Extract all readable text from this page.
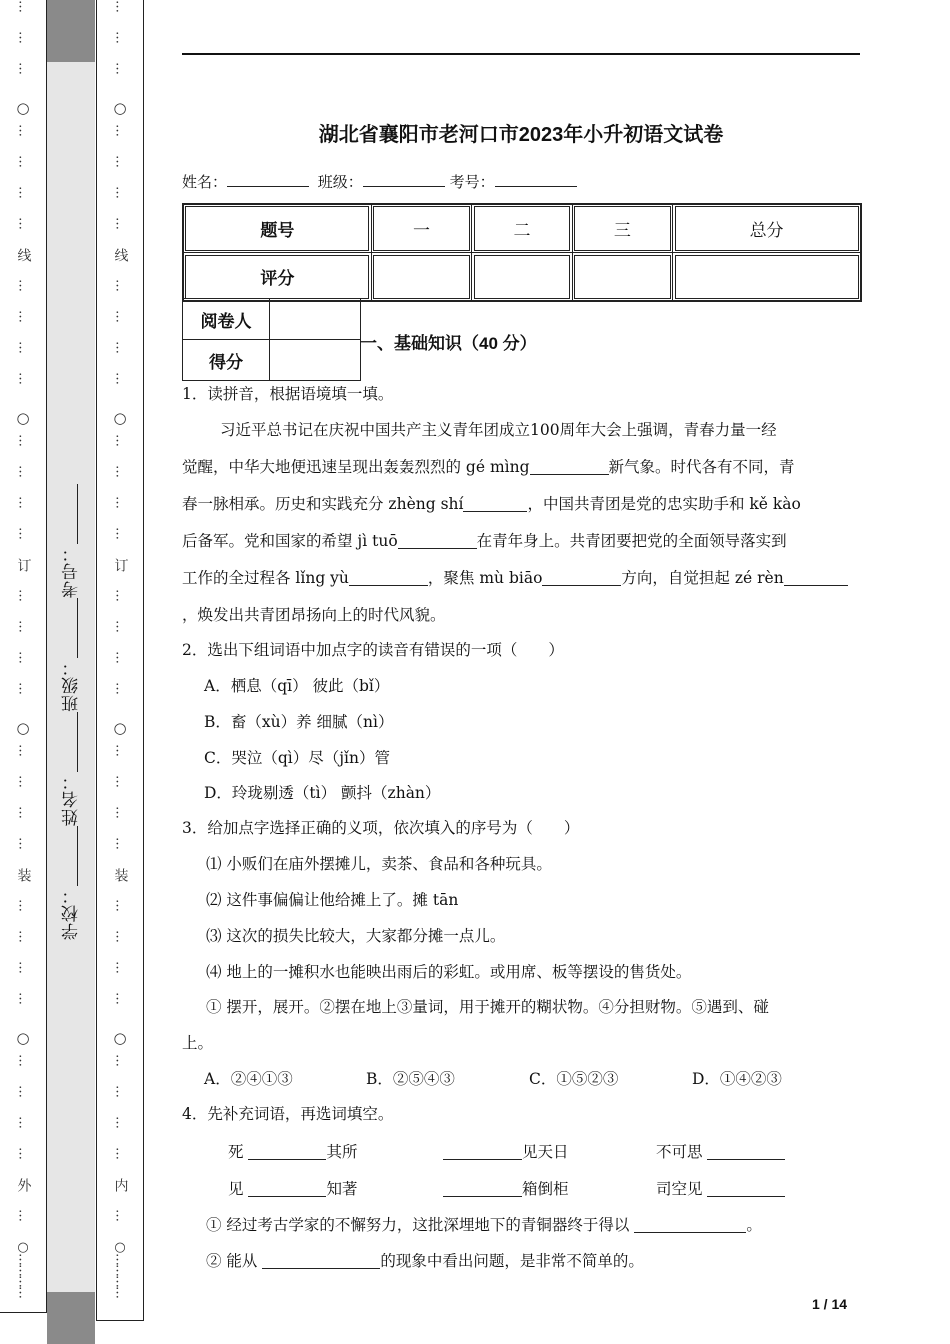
…
…
…
○
…
…
…
…
线
…
…
…
…
○
…
…
…
…
订
…
…
…
…
○
…
…
…
…
装
…
…
…
…
○
…
…
…
…
外
…
○…………
…
…
…
○
…
…
…
…
线
…
…
…
…
○
…
…
…
…
订
…
…
…
…
○
…
…
…
…
装
…
…
…
…
○
…
…
…
…
内
…
○…………
学校：
姓名：
班级：
考号：
湖北省襄阳市老河口市2023年小升初语文试卷
姓名：	班级：	考号：
题号	一	二	三	总分
评分				
阅卷人	
得分	
一、基础知识（40 分）
1．读拼音，根据语境填一填。
习近平总书记在庆祝中国共产主义青年团成立100周年大会上强调，青春力量一经
觉醒，中华大地便迅速呈现出轰轰烈烈的 gé mìng	新气象。时代各有不同，青
春一脉相承。历史和实践充分 zhèng shí	，中国共青团是党的忠实助手和 kě kào
后备军。党和国家的希望 jì tuō	在青年身上。共青团要把党的全面领导落实到
工作的全过程各 lǐng yù	，聚焦 mù biāo	方向，自觉担起 zé rèn
，焕发出共青团昂扬向上的时代风貌。
2．选出下组词语中加点字的读音有错误的一项（　　）
A．栖息（qī） 彼此（bǐ）
B．畜（xù）养 细腻（nì）
C．哭泣（qì）尽（jǐn）管
D．玲珑剔透（tì） 颤抖（zhàn）
3．给加点字选择正确的义项，依次填入的序号为（　　）
⑴ 小贩们在庙外摆摊儿，卖茶、食品和各种玩具。
⑵ 这件事偏偏让他给摊上了。摊 tān
⑶ 这次的损失比较大，大家都分摊一点儿。
⑷ 地上的一摊积水也能映出雨后的彩虹。或用席、板等摆设的售货处。
① 摆开，展开。②摆在地上③量词，用于摊开的糊状物。④分担财物。⑤遇到、碰
上。
A．②④①③	B．②⑤④③	C．①⑤②③	D．①④②③
4．先补充词语，再选词填空。
死	其所	见天日	不可思
见	知著	箱倒柜	司空见
① 经过考古学家的不懈努力，这批深埋地下的青铜器终于得以	。
② 能从	的现象中看出问题，是非常不简单的。
1 / 14
